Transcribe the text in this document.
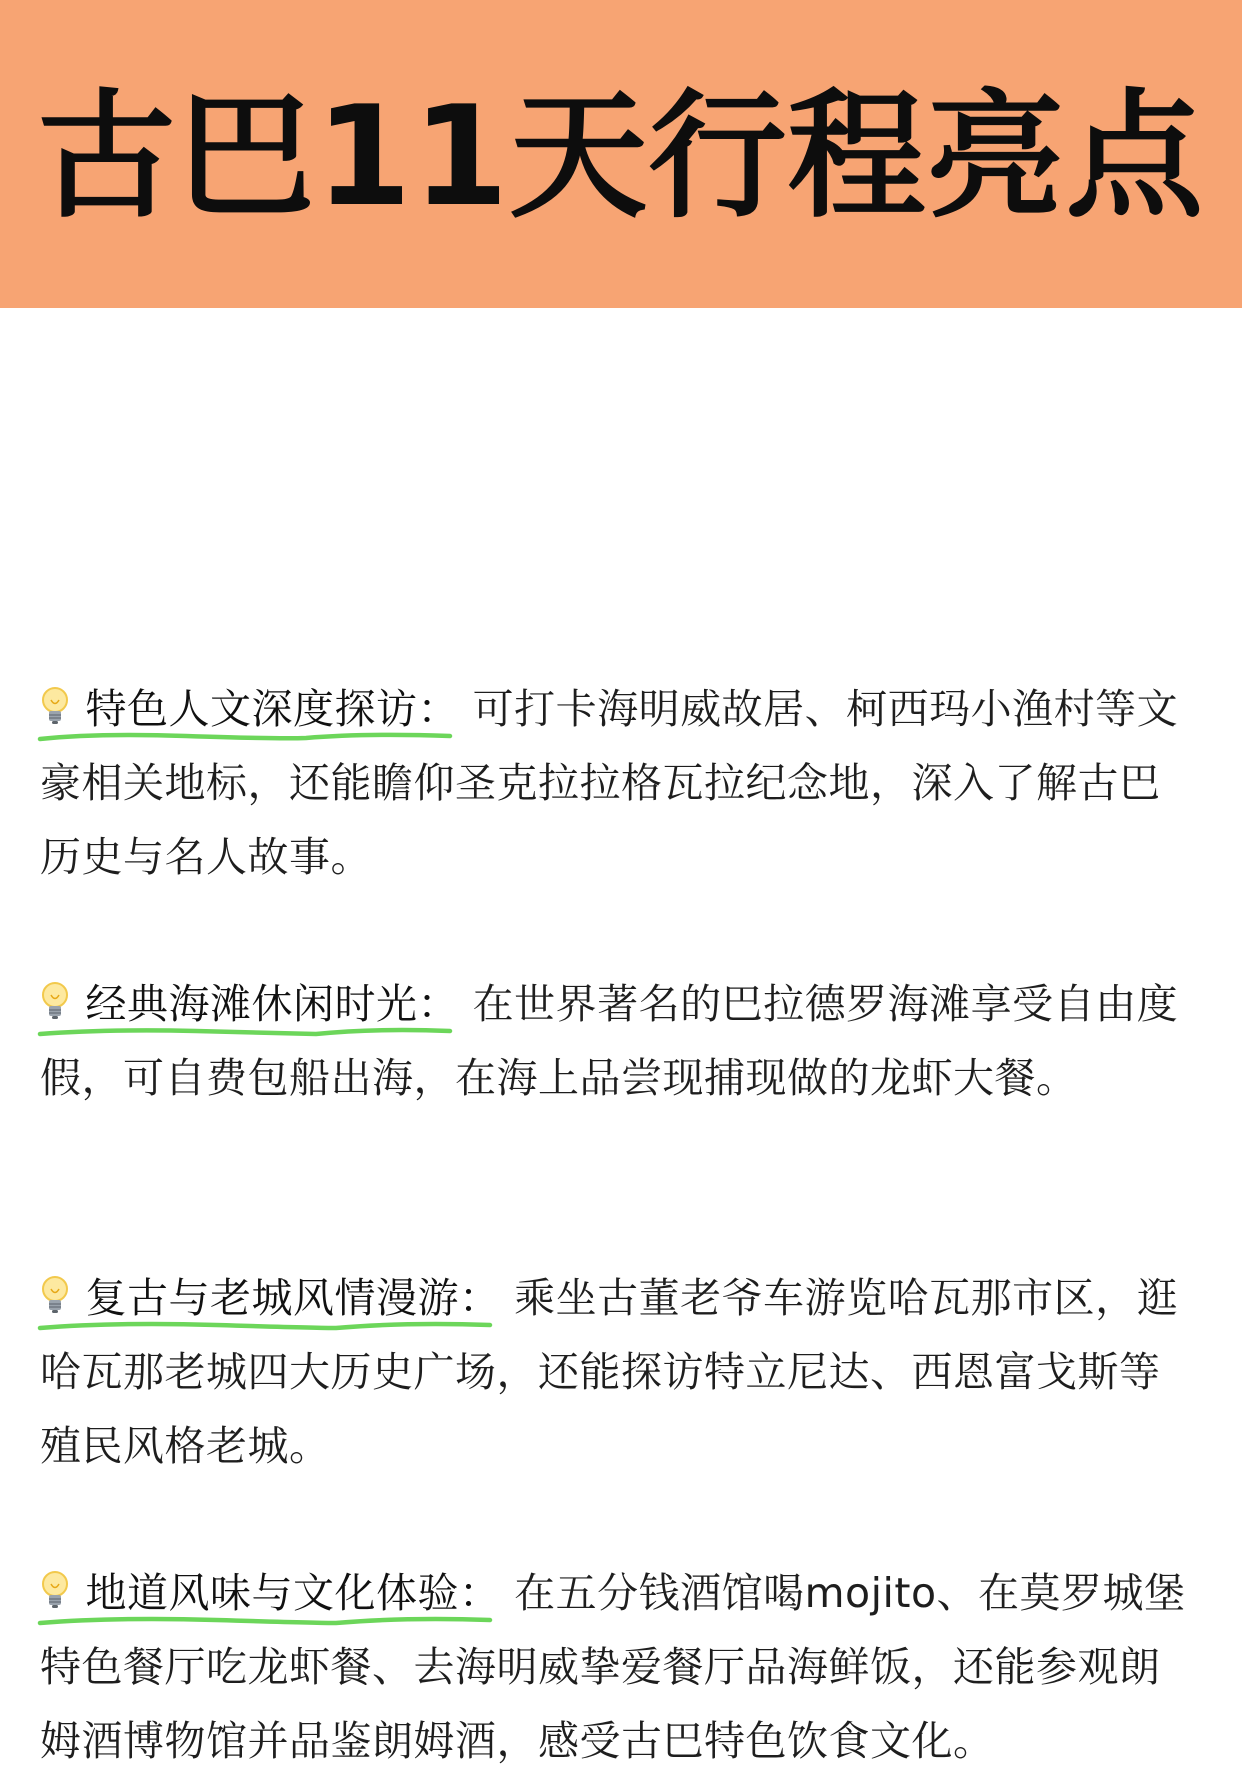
古巴11天行程亮点
特色人文深度探访： 可打卡海明威故居、柯西玛小渔村等文豪相关地标，还能瞻仰圣克拉拉格瓦拉纪念地，深入了解古巴历史与名人故事。
经典海滩休闲时光： 在世界著名的巴拉德罗海滩享受自由度假，可自费包船出海，在海上品尝现捕现做的龙虾大餐。
复古与老城风情漫游： 乘坐古董老爷车游览哈瓦那市区，逛哈瓦那老城四大历史广场，还能探访特立尼达、西恩富戈斯等殖民风格老城。
地道风味与文化体验： 在五分钱酒馆喝mojito、在莫罗城堡特色餐厅吃龙虾餐、去海明威挚爱餐厅品海鲜饭，还能参观朗姆酒博物馆并品鉴朗姆酒，感受古巴特色饮食文化。
